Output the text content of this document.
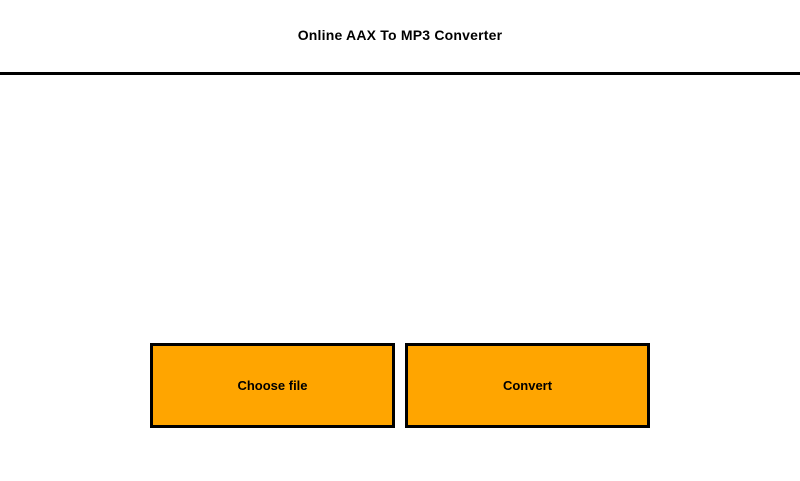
Online AAX To MP3 Converter
Choose file	Convert
